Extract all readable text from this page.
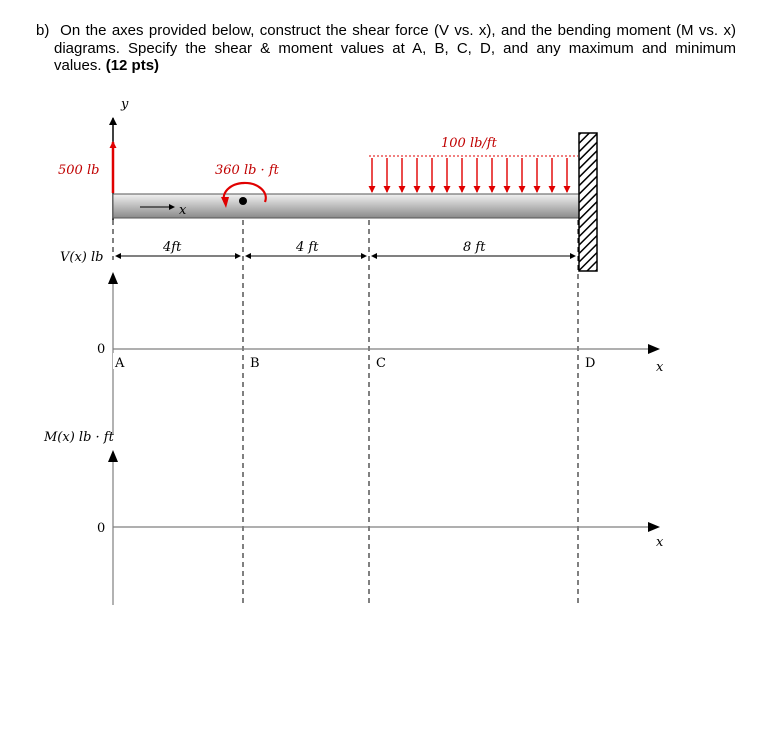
b) On the axes provided below, construct the shear force (V vs. x), and the bending moment (M vs. x)
diagrams. Specify the shear & moment values at A, B, C, D, and any maximum and minimum
values. (12 pts)
y
500 lb
100 lb/ft
x
360 lb · ft
4ft	4 ft	8 ft
V(x) lb
0
x
A	B	C	D
M(x) lb · ft
0
x
